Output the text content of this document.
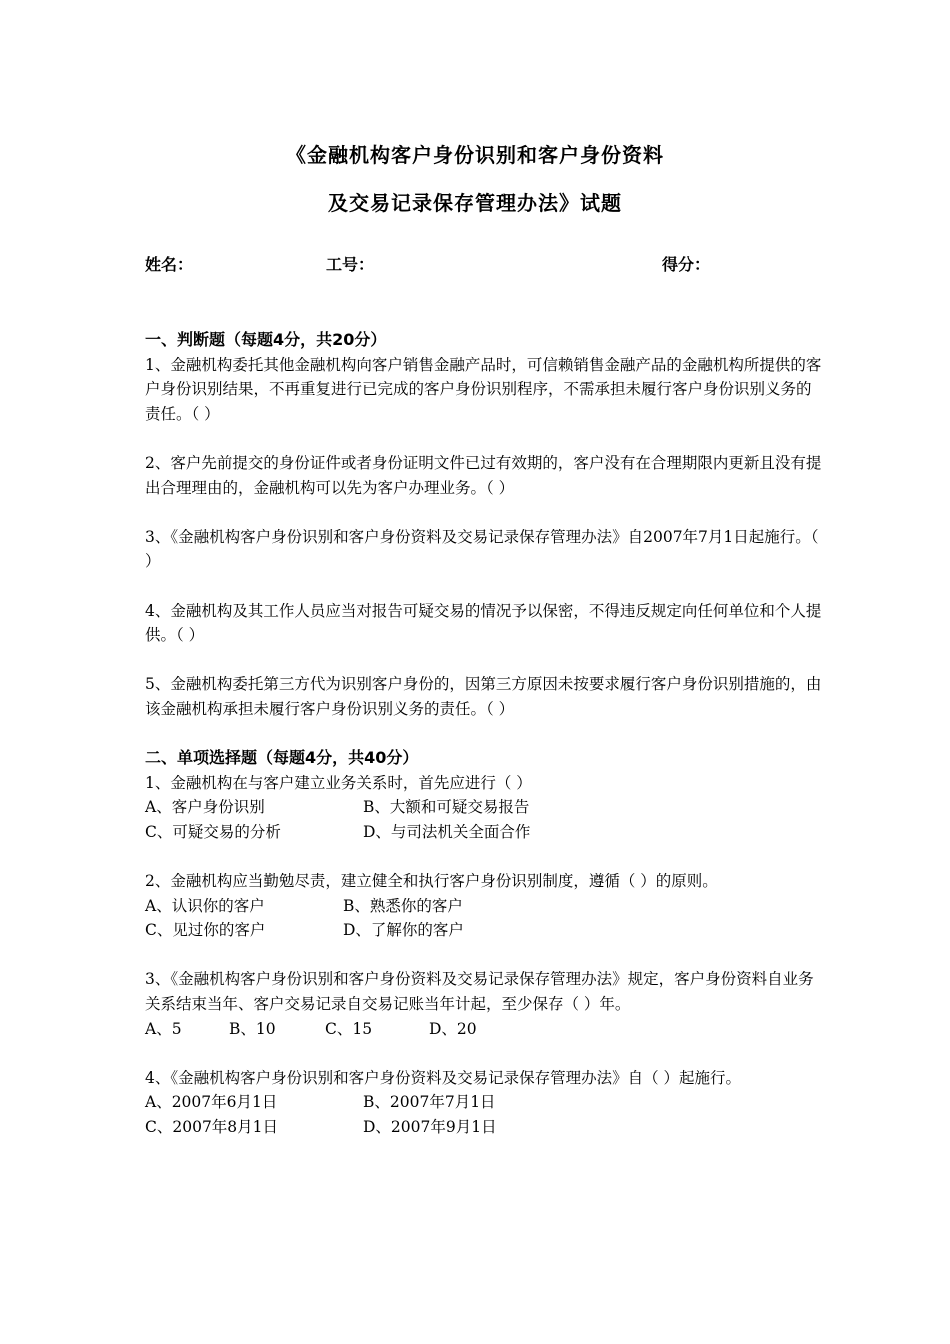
《金融机构客户身份识别和客户身份资料
及交易记录保存管理办法》试题
姓名：	工号：	得分：
一、判断题（每题4分，共20分）
1、金融机构委托其他金融机构向客户销售金融产品时，可信赖销售金融产品的金融机构所提供的客户身份识别结果，不再重复进行已完成的客户身份识别程序，不需承担未履行客户身份识别义务的责任。（ ）
2、客户先前提交的身份证件或者身份证明文件已过有效期的，客户没有在合理期限内更新且没有提出合理理由的，金融机构可以先为客户办理业务。（ ）
3、《金融机构客户身份识别和客户身份资料及交易记录保存管理办法》自2007年7月1日起施行。（ ）
4、金融机构及其工作人员应当对报告可疑交易的情况予以保密，不得违反规定向任何单位和个人提供。（ ）
5、金融机构委托第三方代为识别客户身份的，因第三方原因未按要求履行客户身份识别措施的，由该金融机构承担未履行客户身份识别义务的责任。（ ）
二、单项选择题（每题4分，共40分）
1、金融机构在与客户建立业务关系时，首先应进行（ ）
A、客户身份识别	B、大额和可疑交易报告
C、可疑交易的分析	D、与司法机关全面合作
2、金融机构应当勤勉尽责，建立健全和执行客户身份识别制度，遵循（ ）的原则。
A、认识你的客户	B、熟悉你的客户
C、见过你的客户	D、了解你的客户
3、《金融机构客户身份识别和客户身份资料及交易记录保存管理办法》规定，客户身份资料自业务关系结束当年、客户交易记录自交易记账当年计起，至少保存（ ）年。
A、5	B、10	C、15	D、20
4、《金融机构客户身份识别和客户身份资料及交易记录保存管理办法》自（ ）起施行。
A、2007年6月1日	B、2007年7月1日
C、2007年8月1日	D、2007年9月1日
